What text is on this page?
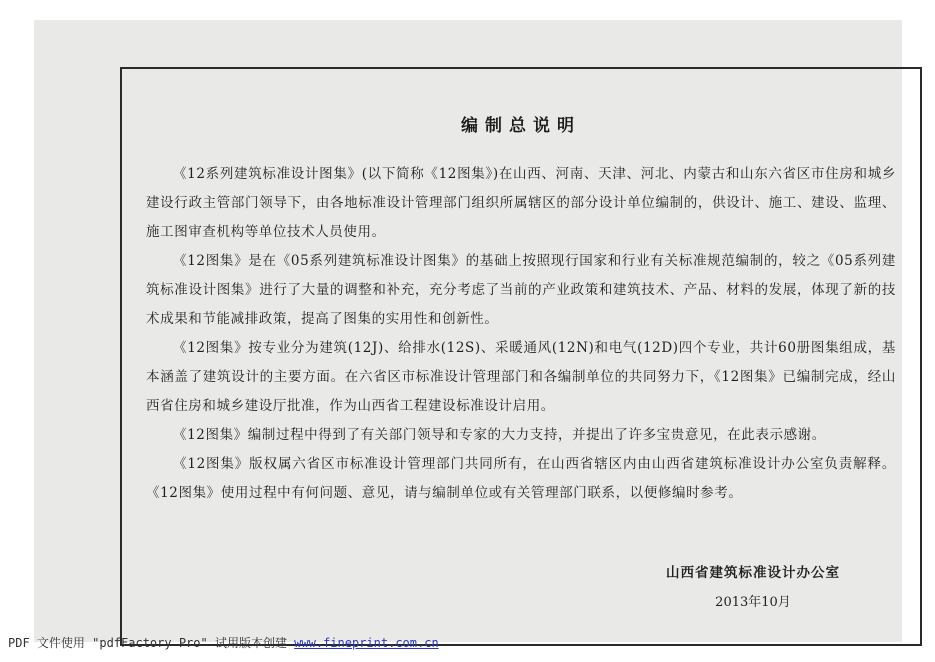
编制总说明

《12系列建筑标准设计图集》(以下简称《12图集》)在山西、河南、天津、河北、内蒙古和山东六省区市住房和城乡建设行政主管部门领导下，由各地标准设计管理部门组织所属辖区的部分设计单位编制的，供设计、施工、建设、监理、施工图审查机构等单位技术人员使用。

《12图集》是在《05系列建筑标准设计图集》的基础上按照现行国家和行业有关标准规范编制的，较之《05系列建筑标准设计图集》进行了大量的调整和补充，充分考虑了当前的产业政策和建筑技术、产品、材料的发展，体现了新的技术成果和节能减排政策，提高了图集的实用性和创新性。

《12图集》按专业分为建筑(12J)、给排水(12S)、采暖通风(12N)和电气(12D)四个专业，共计60册图集组成，基本涵盖了建筑设计的主要方面。在六省区市标准设计管理部门和各编制单位的共同努力下，《12图集》已编制完成，经山西省住房和城乡建设厅批准，作为山西省工程建设标准设计启用。

《12图集》编制过程中得到了有关部门领导和专家的大力支持，并提出了许多宝贵意见，在此表示感谢。

《12图集》版权属六省区市标准设计管理部门共同所有，在山西省辖区内由山西省建筑标准设计办公室负责解释。《12图集》使用过程中有何问题、意见，请与编制单位或有关管理部门联系，以便修编时参考。

山西省建筑标准设计办公室
2013年10月
PDF 文件使用 "pdfFactory Pro" 试用版本创建 www.fineprint.com.cn
